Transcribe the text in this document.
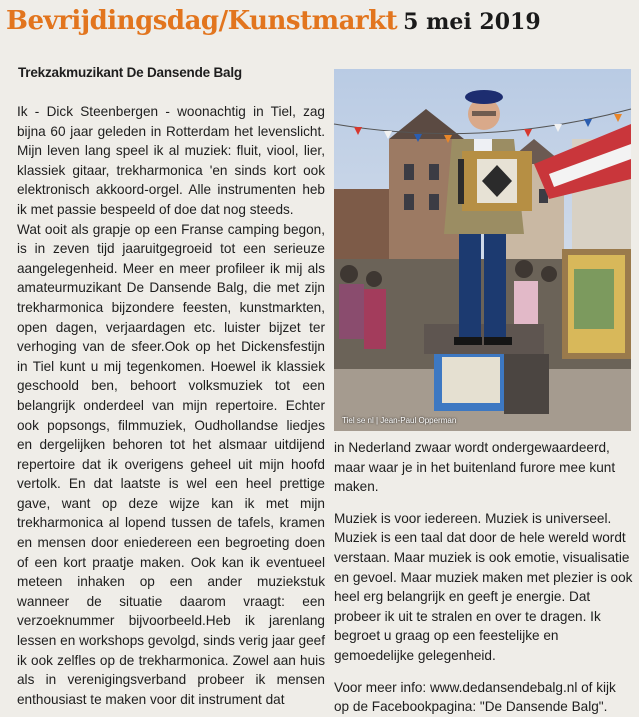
Bevrijdingsdag/Kunstmarkt 5 mei 2019
Trekzakmuzikant De Dansende Balg

Ik - Dick Steenbergen - woonachtig in Tiel, zag bijna 60 jaar geleden in Rotterdam het levenslicht. Mijn leven lang speel ik al muziek: fluit, viool, lier, klassiek gitaar, trekharmonica 'en sinds kort ook elektronisch akkoord-orgel. Alle instrumenten heb ik met passie bespeeld of doe dat nog steeds.

Wat ooit als grapje op een Franse camping begon, is in zeven tijd jaaruitgegroeid tot een serieuze aangelegenheid. Meer en meer profileer ik mij als amateurmuzikant De Dansende Balg, die met zijn trekharmonica bijzondere feesten, kunstmarkten, open dagen, verjaardagen etc. luister bijzet ter verhoging van de sfeer.Ook op het Dickensfestijn in Tiel kunt u mij tegenkomen. Hoewel ik klassiek geschoold ben, behoort volksmuziek tot een belangrijk onderdeel van mijn repertoire. Echter ook popsongs, filmmuziek, Oudhollandse liedjes en dergelijken behoren tot het alsmaar uitdijend repertoire dat ik overigens geheel uit mijn hoofd vertolk. En dat laatste is wel een heel prettige gave, want op deze wijze kan ik met mijn trekharmonica al lopend tussen de tafels, kramen en mensen door eniedereen een begroeting doen of een kort praatje maken. Ook kan ik eventueel meteen inhaken op een ander muziekstuk wanneer de situatie daarom vraagt: een verzoeknummer bijvoorbeeld.Heb ik jarenlang lessen en workshops gevolgd, sinds verig jaar geef ik ook zelfles op de trekharmonica. Zowel aan huis als in verenigingsverband probeer ik mensen enthousiast te maken voor dit instrument dat

Tiel se nl | Jean-Paul Opperman

in Nederland zwaar wordt ondergewaardeerd, maar waar je in het buitenland furore mee kunt maken.

Muziek is voor iedereen. Muziek is universeel. Muziek is een taal dat door de hele wereld wordt verstaan. Maar muziek is ook emotie, visualisatie en gevoel. Maar muziek maken met plezier is ook heel erg belangrijk en geeft je energie. Dat probeer ik uit te stralen en over te dragen. Ik begroet u graag op een feestelijke en gemoedelijke gelegenheid.

Voor meer info: www.dedansendebalg.nl of kijk op de Facebookpagina: "De Dansende Balg".
